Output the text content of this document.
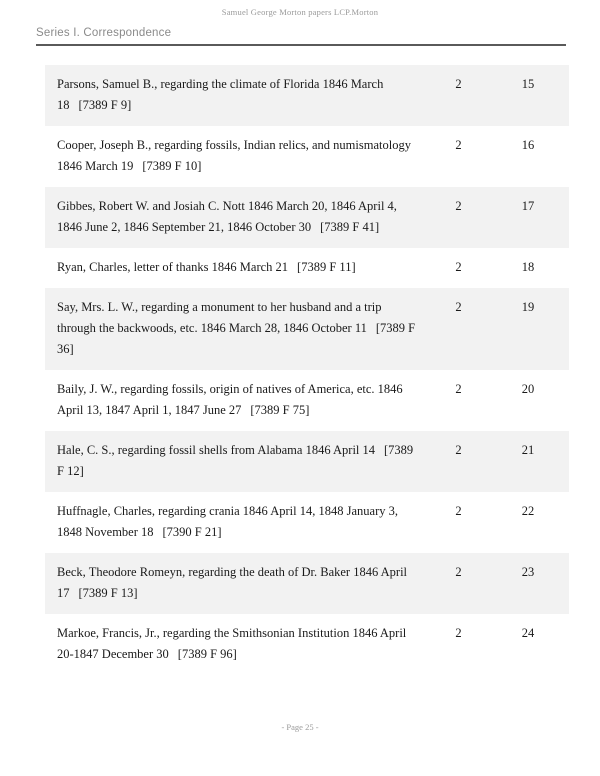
Samuel George Morton papers LCP.Morton
Series I. Correspondence
Parsons, Samuel B., regarding the climate of Florida 1846 March 18 [7389 F 9]	2	15
Cooper, Joseph B., regarding fossils, Indian relics, and numismatology 1846 March 19 [7389 F 10]	2	16
Gibbes, Robert W. and Josiah C. Nott 1846 March 20, 1846 April 4, 1846 June 2, 1846 September 21, 1846 October 30 [7389 F 41]	2	17
Ryan, Charles, letter of thanks 1846 March 21 [7389 F 11]	2	18
Say, Mrs. L. W., regarding a monument to her husband and a trip through the backwoods, etc. 1846 March 28, 1846 October 11 [7389 F 36]	2	19
Baily, J. W., regarding fossils, origin of natives of America, etc. 1846 April 13, 1847 April 1, 1847 June 27 [7389 F 75]	2	20
Hale, C. S., regarding fossil shells from Alabama 1846 April 14 [7389 F 12]	2	21
Huffnagle, Charles, regarding crania 1846 April 14, 1848 January 3, 1848 November 18 [7390 F 21]	2	22
Beck, Theodore Romeyn, regarding the death of Dr. Baker 1846 April 17 [7389 F 13]	2	23
Markoe, Francis, Jr., regarding the Smithsonian Institution 1846 April 20-1847 December 30 [7389 F 96]	2	24
- Page 25 -
